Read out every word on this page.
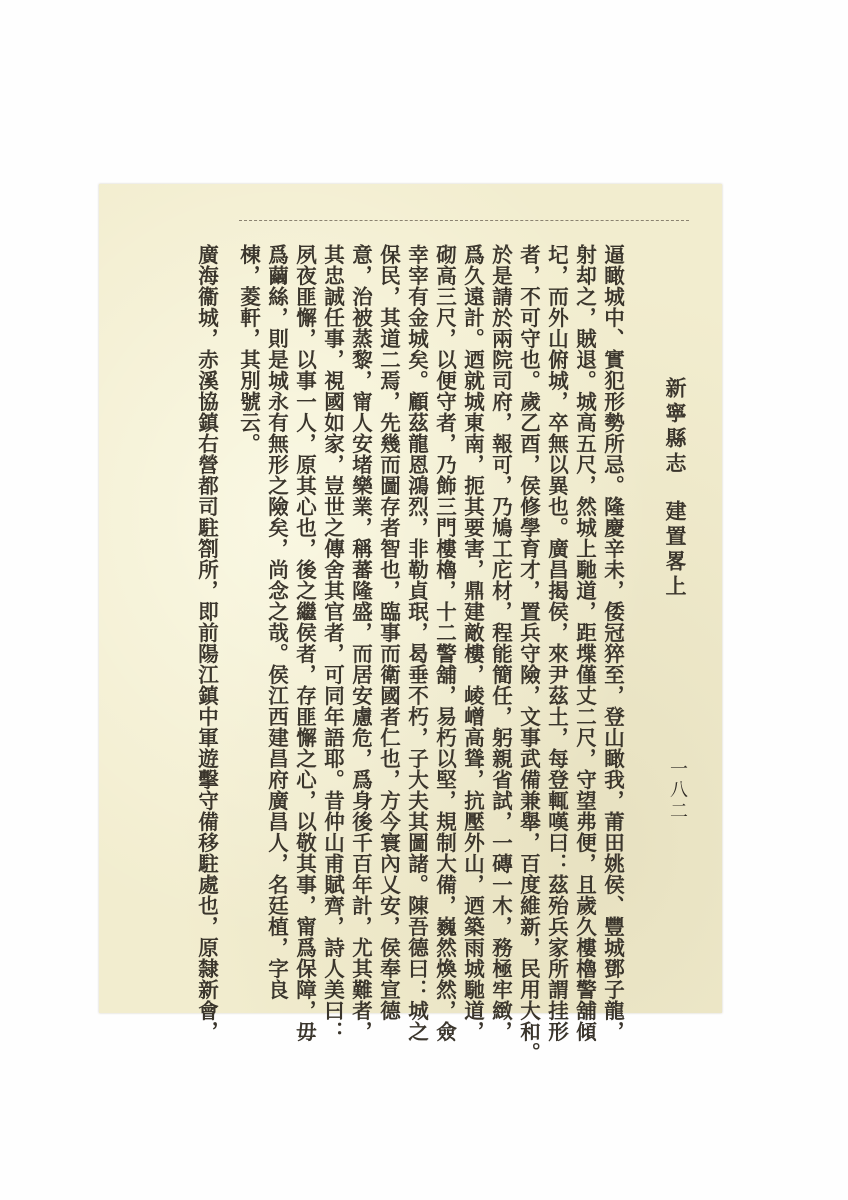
新寧縣志
建置畧上
一八二
逼瞰城中、實犯形勢所忌。隆慶辛未，倭冠猝至，登山瞰我，莆田姚侯、豐城鄧子龍，
射却之，賊退。城高五尺，然城上馳道，距堞僅丈二尺，守望弗便，且歲久樓櫓警舖傾
圮，而外山俯城，卒無以異也。廣昌揭侯，來尹茲土，每登輒嘆曰：茲殆兵家所謂挂形
者，不可守也。歲乙酉，侯修學育才，置兵守險，文事武備兼舉，百度維新，民用大和。
於是請於兩院司府，報可，乃鳩工庀材，程能簡任，躬親省試，一磚一木，務極牢緻，
爲久遠計。迺就城東南，扼其要害，鼎建敵樓，崚嶒高聳，抗壓外山，迺築雨城馳道，
砌高三尺，以便守者，乃飾三門樓櫓，十二警舖，易朽以堅，規制大備，巍然煥然，僉
幸宰有金城矣。顧茲龍恩鴻烈，非勒貞珉，曷垂不朽，子大夫其圖諸。陳吾德曰：城之
保民，其道二焉，先幾而圖存者智也，臨事而衛國者仁也，方今寰內乂安，侯奉宣德
意，治被蒸黎，甯人安堵樂業，稱蕃隆盛，而居安慮危，爲身後千百年計，尤其難者，
其忠誠任事，視國如家，豈世之傳舍其官者，可同年語耶。昔仲山甫賦齊，詩人美曰：
夙夜匪懈，以事一人，原其心也，後之繼侯者，存匪懈之心，以敬其事，甯爲保障，毋
爲繭絲，則是城永有無形之險矣，尚念之哉。侯江西建昌府廣昌人，名廷植，字良
棟，菱軒，其別號云。
廣海衞城，赤溪協鎮右營都司駐劄所，即前陽江鎮中軍遊擊守備移駐處也，原隸新會，
